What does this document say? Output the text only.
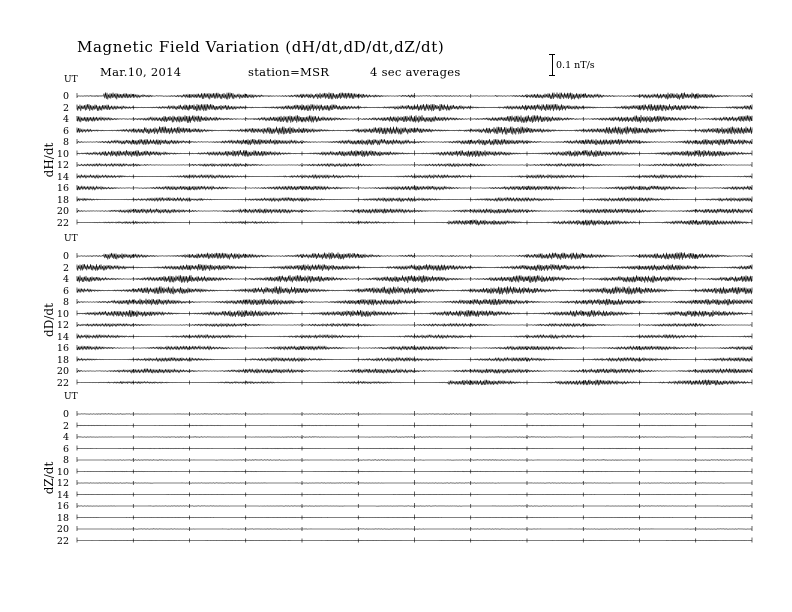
Magnetic Field Variation (dH/dt,dD/dt,dZ/dt)
Mar.10, 2014	station=MSR	4 sec averages	0.1 nT/s
UT
dH/dt
0
2
4
6
8
10
12
14
16
18
20
22
UT
dD/dt
0
2
4
6
8
10
12
14
16
18
20
22
UT
dZ/dt
0
2
4
6
8
10
12
14
16
18
20
22
